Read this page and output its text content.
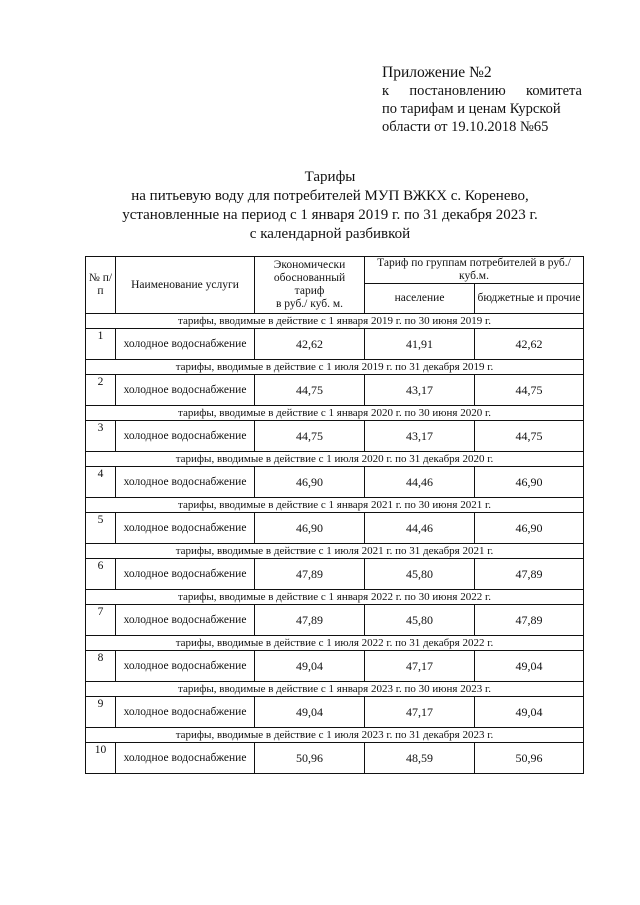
Приложение №2
к постановлению комитета
по тарифам и ценам Курской
области от 19.10.2018 №65
Тарифы
на питьевую воду для потребителей МУП ВЖКХ с. Коренево,
установленные на период с 1 января 2019 г. по 31 декабря 2023 г.
с календарной разбивкой
№ п/п	Наименование услуги	Экономически
обоснованный
тариф
в руб./ куб. м.	Тариф по группам потребителей в руб./ куб.м.	
			население	бюджетные и прочие
тарифы, вводимые в действие с 1 января 2019 г. по 30 июня 2019 г.				
1	холодное водоснабжение	42,62	41,91	42,62
тарифы, вводимые в действие с 1 июля 2019 г. по 31 декабря 2019 г.				
2	холодное водоснабжение	44,75	43,17	44,75
тарифы, вводимые в действие с 1 января 2020 г. по 30 июня 2020 г.				
3	холодное водоснабжение	44,75	43,17	44,75
тарифы, вводимые в действие с 1 июля 2020 г. по 31 декабря 2020 г.				
4	холодное водоснабжение	46,90	44,46	46,90
тарифы, вводимые в действие с 1 января 2021 г. по 30 июня 2021 г.				
5	холодное водоснабжение	46,90	44,46	46,90
тарифы, вводимые в действие с 1 июля 2021 г. по 31 декабря 2021 г.				
6	холодное водоснабжение	47,89	45,80	47,89
тарифы, вводимые в действие с 1 января 2022 г. по 30 июня 2022 г.				
7	холодное водоснабжение	47,89	45,80	47,89
тарифы, вводимые в действие с 1 июля 2022 г. по 31 декабря 2022 г.				
8	холодное водоснабжение	49,04	47,17	49,04
тарифы, вводимые в действие с 1 января 2023 г. по 30 июня 2023 г.				
9	холодное водоснабжение	49,04	47,17	49,04
тарифы, вводимые в действие с 1 июля 2023 г. по 31 декабря 2023 г.				
10	холодное водоснабжение	50,96	48,59	50,96
